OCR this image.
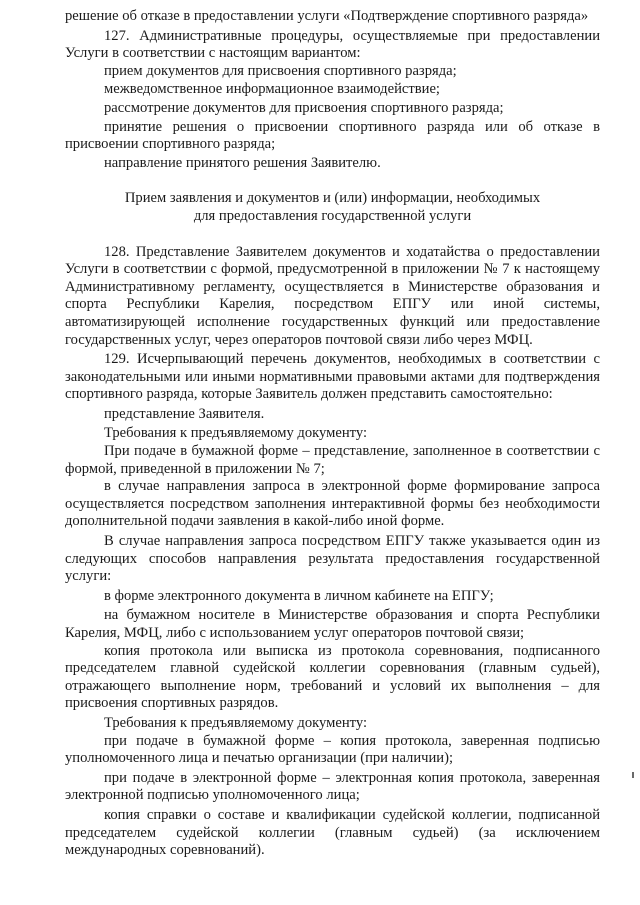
решение об отказе в предоставлении услуги «Подтверждение спортивного разряда»

127. Административные процедуры, осуществляемые при предоставлении Услуги в соответствии с настоящим вариантом:

прием документов для присвоения спортивного разряда;

межведомственное информационное взаимодействие;

рассмотрение документов для присвоения спортивного разряда;

принятие решения о присвоении спортивного разряда или об отказе в присвоении спортивного разряда;

направление принятого решения Заявителю.

Прием заявления и документов и (или) информации, необходимых
для предоставления государственной услуги

128. Представление Заявителем документов и ходатайства о предоставлении Услуги в соответствии с формой, предусмотренной в приложении № 7 к настоящему Административному регламенту, осуществляется в Министерстве образования и спорта Республики Карелия, посредством ЕПГУ или иной системы, автоматизирующей исполнение государственных функций или предоставление государственных услуг, через операторов почтовой связи либо через МФЦ.

129. Исчерпывающий перечень документов, необходимых в соответствии с законодательными или иными нормативными правовыми актами для подтверждения спортивного разряда, которые Заявитель должен представить самостоятельно:

представление Заявителя.

Требования к предъявляемому документу:

При подаче в бумажной форме – представление, заполненное в соответствии с формой, приведенной в приложении № 7;

в случае направления запроса в электронной форме формирование запроса осуществляется посредством заполнения интерактивной формы без необходимости дополнительной подачи заявления в какой-либо иной форме.

В случае направления запроса посредством ЕПГУ также указывается один из следующих способов направления результата предоставления государственной услуги:

в форме электронного документа в личном кабинете на ЕПГУ;

на бумажном носителе в Министерстве образования и спорта Республики Карелия, МФЦ, либо с использованием услуг операторов почтовой связи;

копия протокола или выписка из протокола соревнования, подписанного председателем главной судейской коллегии соревнования (главным судьей), отражающего выполнение норм, требований и условий их выполнения – для присвоения спортивных разрядов.

Требования к предъявляемому документу:

при подаче в бумажной форме – копия протокола, заверенная подписью уполномоченного лица и печатью организации (при наличии);

при подаче в электронной форме – электронная копия протокола, заверенная электронной подписью уполномоченного лица;

копия справки о составе и квалификации судейской коллегии, подписанной председателем судейской коллегии (главным судьей) (за исключением международных соревнований).
